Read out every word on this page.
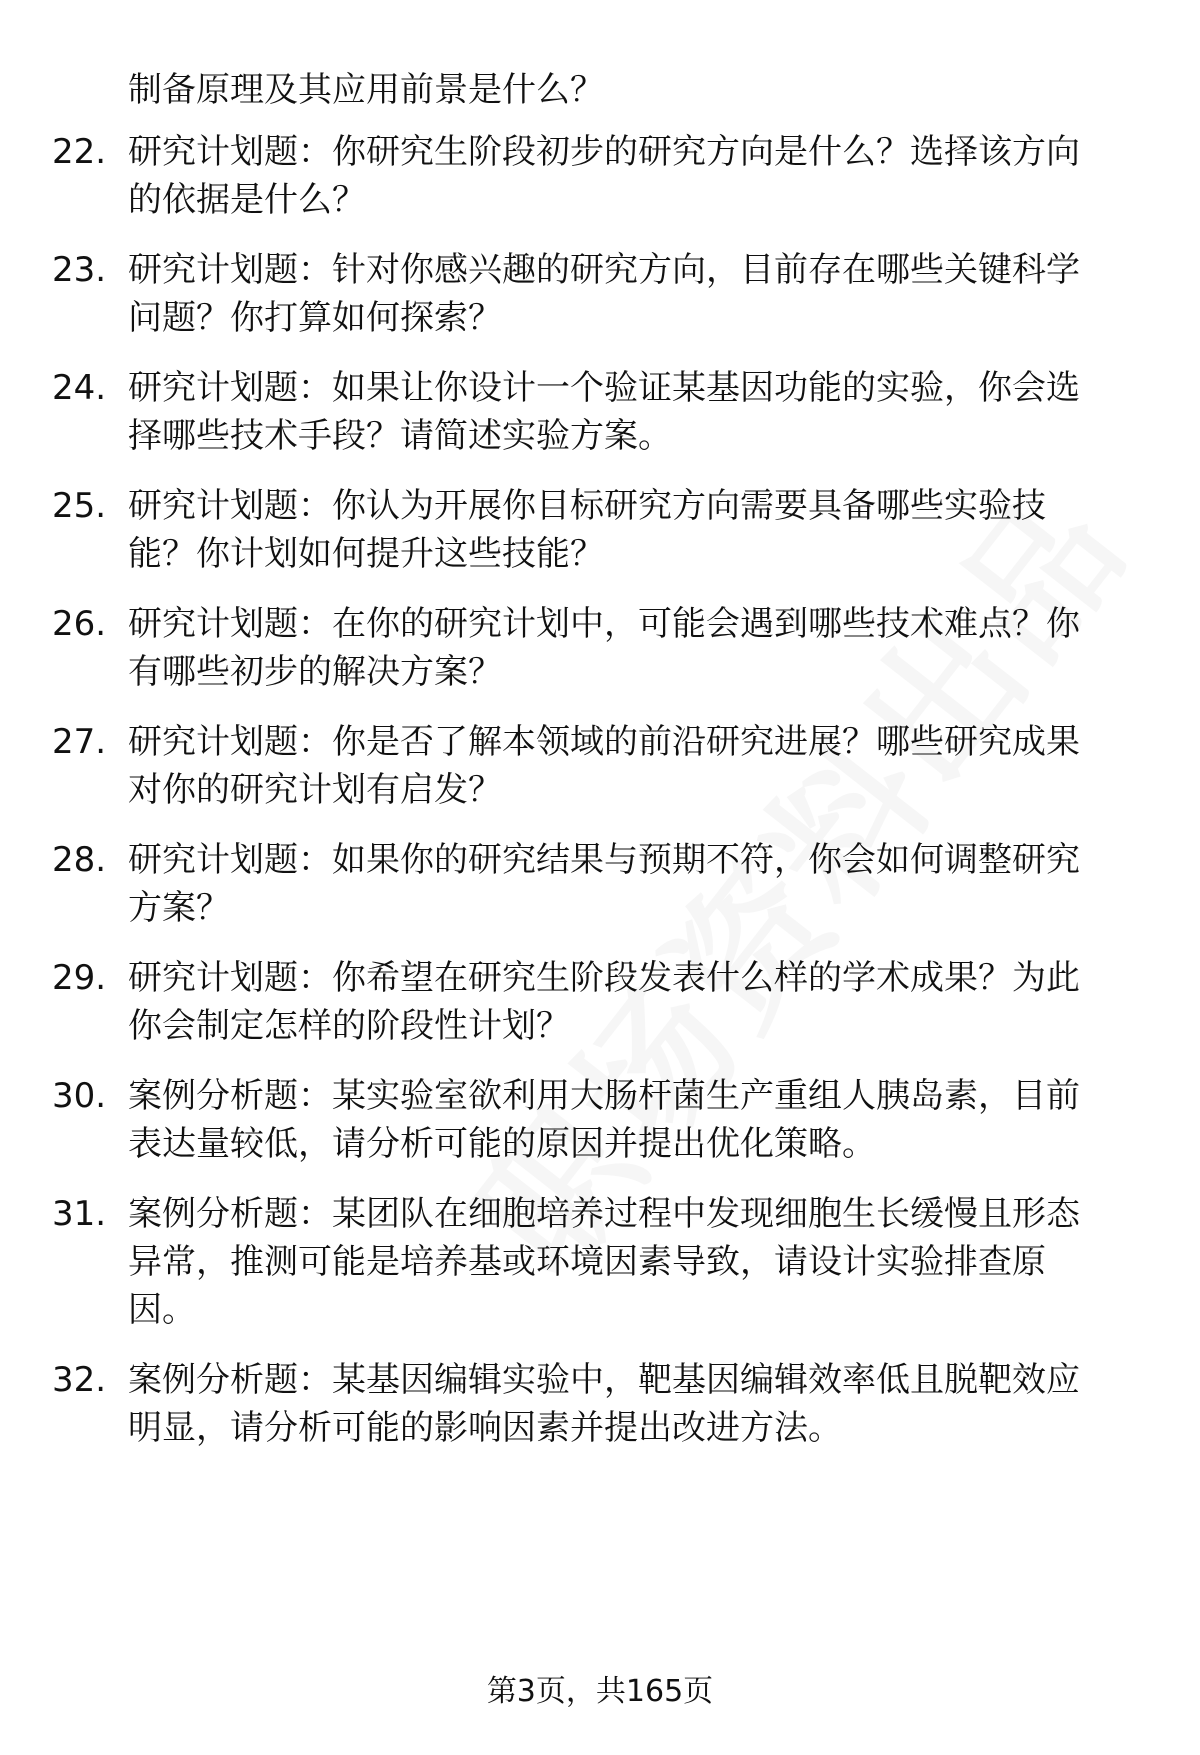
制备原理及其应用前景是什么？
22. 研究计划题：你研究生阶段初步的研究方向是什么？选择该方向
的依据是什么？
23. 研究计划题：针对你感兴趣的研究方向，目前存在哪些关键科学
问题？你打算如何探索？
24. 研究计划题：如果让你设计一个验证某基因功能的实验，你会选
择哪些技术手段？请简述实验方案。
25. 研究计划题：你认为开展你目标研究方向需要具备哪些实验技
能？你计划如何提升这些技能？
26. 研究计划题：在你的研究计划中，可能会遇到哪些技术难点？你
有哪些初步的解决方案？
27. 研究计划题：你是否了解本领域的前沿研究进展？哪些研究成果
对你的研究计划有启发？
28. 研究计划题：如果你的研究结果与预期不符，你会如何调整研究
方案？
29. 研究计划题：你希望在研究生阶段发表什么样的学术成果？为此
你会制定怎样的阶段性计划？
30. 案例分析题：某实验室欲利用大肠杆菌生产重组人胰岛素，目前
表达量较低，请分析可能的原因并提出优化策略。
31. 案例分析题：某团队在细胞培养过程中发现细胞生长缓慢且形态
异常，推测可能是培养基或环境因素导致，请设计实验排查原
因。
32. 案例分析题：某基因编辑实验中，靶基因编辑效率低且脱靶效应
明显，请分析可能的影响因素并提出改进方法。
第3页，共165页
